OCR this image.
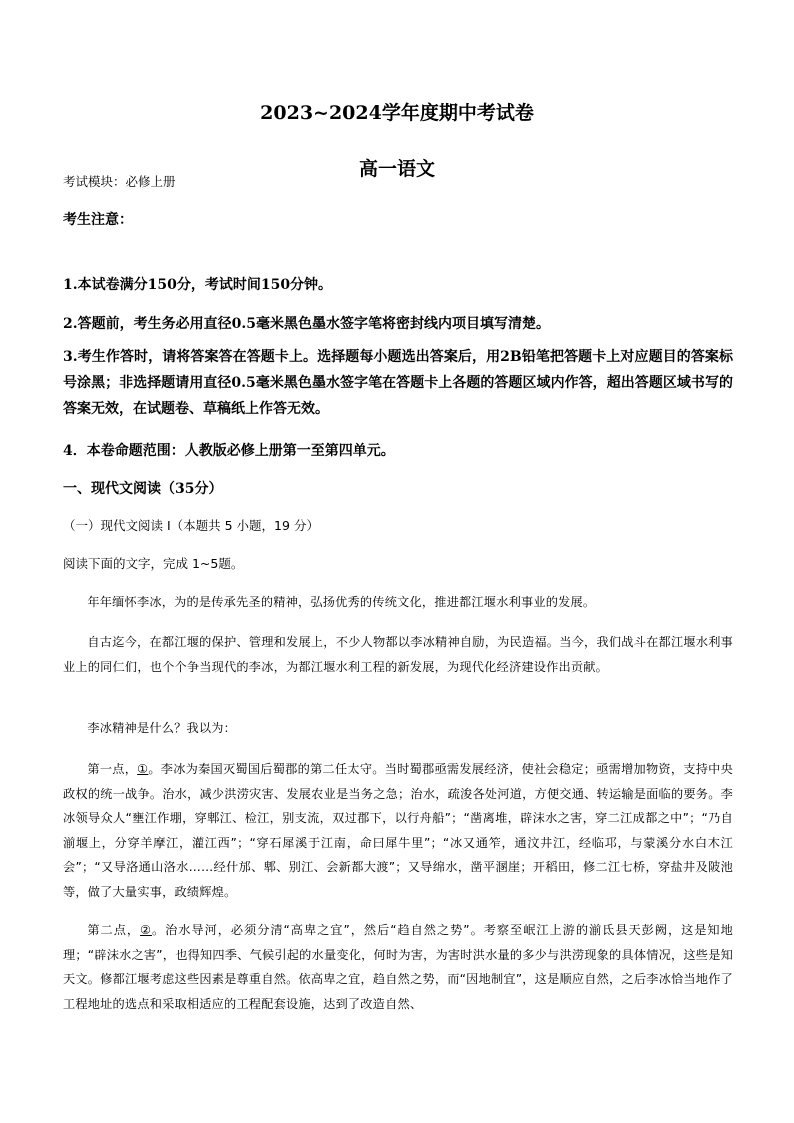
2023~2024学年度期中考试卷
高一语文
考试模块：必修上册
考生注意：
1.本试卷满分150分，考试时间150分钟。
2.答题前，考生务必用直径0.5毫米黑色墨水签字笔将密封线内项目填写清楚。
3.考生作答时，请将答案答在答题卡上。选择题每小题选出答案后，用2B铅笔把答题卡上对应题目的答案标号涂黑；非选择题请用直径0.5毫米黑色墨水签字笔在答题卡上各题的答题区域内作答，超出答题区域书写的答案无效，在试题卷、草稿纸上作答无效。
4．本卷命题范围：人教版必修上册第一至第四单元。
一、现代文阅读（35分）
（一）现代文阅读 I（本题共 5 小题，19 分）
阅读下面的文字，完成 1~5题。
年年缅怀李冰，为的是传承先圣的精神，弘扬优秀的传统文化，推进都江堰水利事业的发展。
自古迄今，在都江堰的保护、管理和发展上，不少人物都以李冰精神自励，为民造福。当今，我们战斗在都江堰水利事业上的同仁们，也个个争当现代的李冰，为都江堰水利工程的新发展，为现代化经济建设作出贡献。
李冰精神是什么？我以为：
第一点，①。李冰为秦国灭蜀国后蜀郡的第二任太守。当时蜀郡亟需发展经济，使社会稳定；亟需增加物资，支持中央政权的统一战争。治水，减少洪涝灾害、发展农业是当务之急；治水，疏浚各处河道，方便交通、转运输是面临的要务。李冰领导众人“壅江作堋，穿郫江、检江，别支流，双过郡下，以行舟船”；“凿离堆，辟沫水之害，穿二江成都之中”；“乃自湔堰上，分穿羊摩江，灌江西”；“穿石犀溪于江南，命曰犀牛里”；“冰又通笮，通汶井江，经临邛，与蒙溪分水白木江会”；“又导洛通山洛水……经什邡、郫、别江、会新都大渡”；又导绵水，凿平溷崖；开稻田，修二江七桥，穿盐井及陂池等，做了大量实事，政绩辉煌。
第二点，②。治水导河，必须分清“高卑之宜”，然后“趋自然之势”。考察至岷江上游的湔氐县天彭阙，这是知地理；“辟沫水之害”，也得知四季、气候引起的水量变化，何时为害，为害时洪水量的多少与洪涝现象的具体情况，这些是知天文。修都江堰考虑这些因素是尊重自然。依高卑之宜，趋自然之势，而“因地制宜”，这是顺应自然，之后李冰恰当地作了工程地址的选点和采取相适应的工程配套设施，达到了改造自然、
